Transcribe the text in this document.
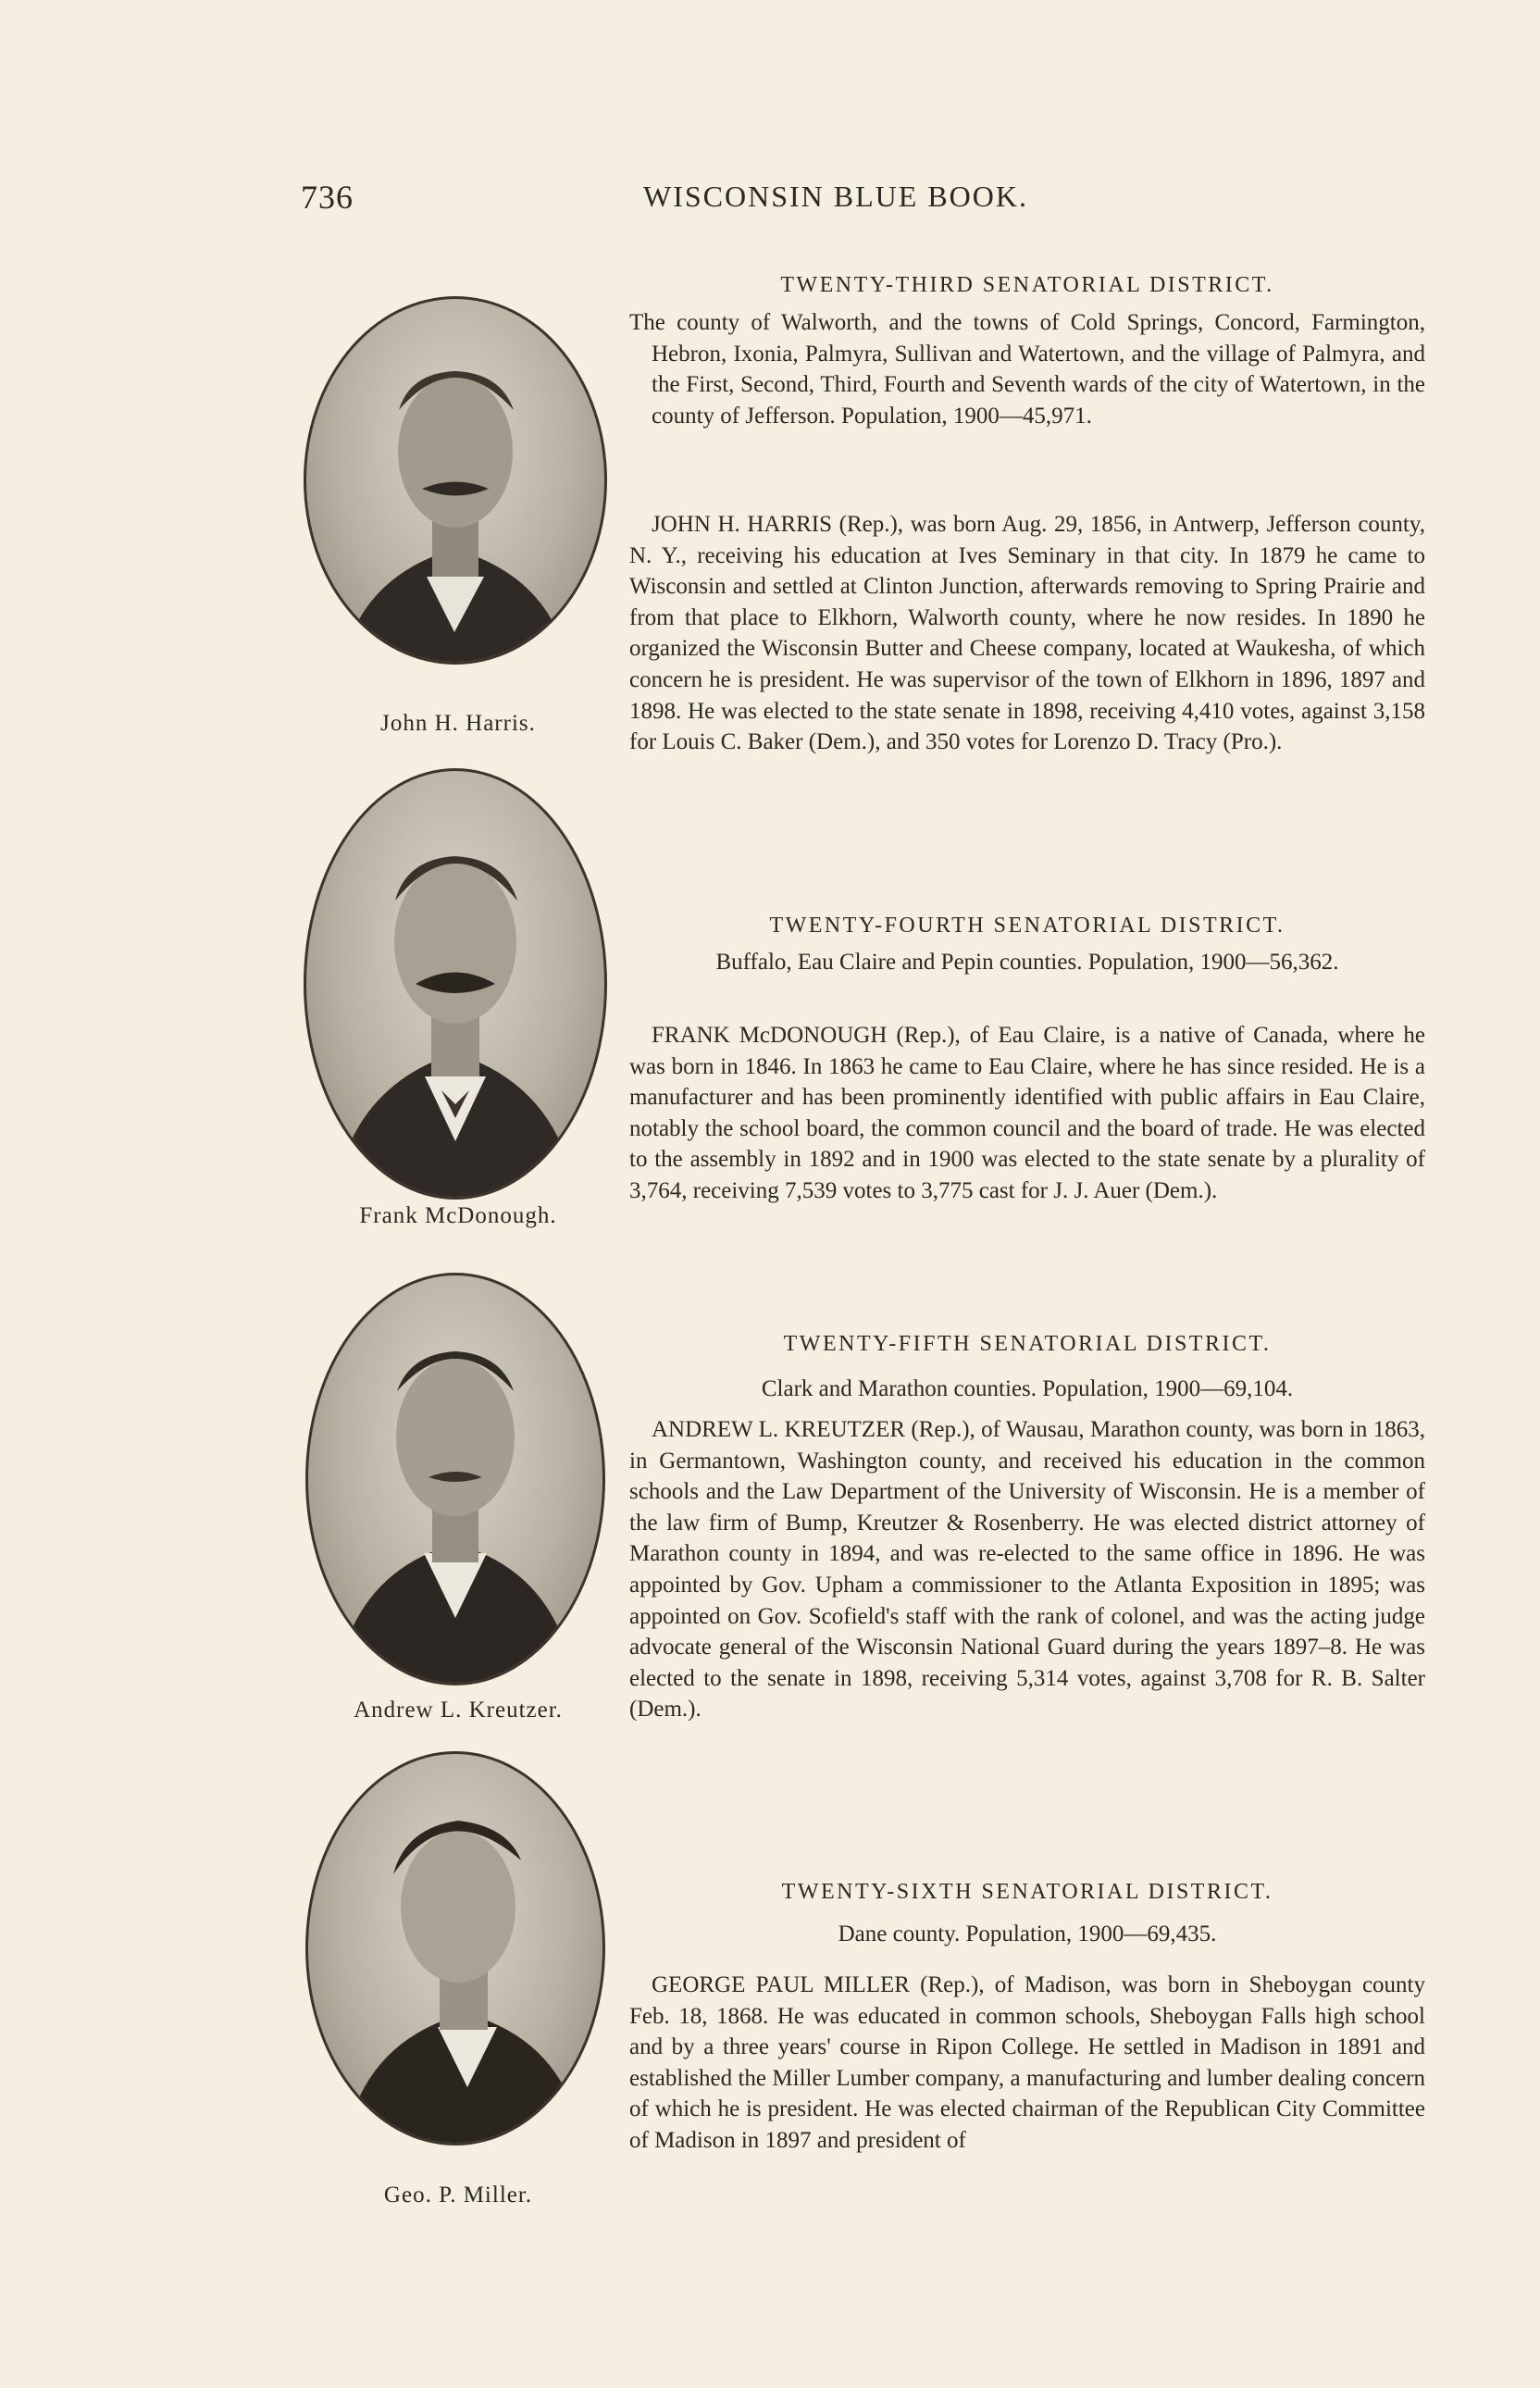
736	WISCONSIN BLUE BOOK.
John H. Harris.
Frank McDonough.
Andrew L. Kreutzer.
Geo. P. Miller.
TWENTY-THIRD SENATORIAL DISTRICT.
The county of Walworth, and the towns of Cold Springs, Concord, Farmington, Hebron, Ixonia, Palmyra, Sullivan and Watertown, and the village of Palmyra, and the First, Second, Third, Fourth and Seventh wards of the city of Watertown, in the county of Jefferson. Population, 1900—45,971.
JOHN H. HARRIS (Rep.), was born Aug. 29, 1856, in Antwerp, Jefferson county, N. Y., receiving his education at Ives Seminary in that city. In 1879 he came to Wisconsin and settled at Clinton Junction, afterwards removing to Spring Prairie and from that place to Elkhorn, Walworth county, where he now resides. In 1890 he organized the Wisconsin Butter and Cheese company, located at Waukesha, of which concern he is president. He was supervisor of the town of Elkhorn in 1896, 1897 and 1898. He was elected to the state senate in 1898, receiving 4,410 votes, against 3,158 for Louis C. Baker (Dem.), and 350 votes for Lorenzo D. Tracy (Pro.).
TWENTY-FOURTH SENATORIAL DISTRICT.
Buffalo, Eau Claire and Pepin counties. Population, 1900—56,362.
FRANK McDONOUGH (Rep.), of Eau Claire, is a native of Canada, where he was born in 1846. In 1863 he came to Eau Claire, where he has since resided. He is a manufacturer and has been prominently identified with public affairs in Eau Claire, notably the school board, the common council and the board of trade. He was elected to the assembly in 1892 and in 1900 was elected to the state senate by a plurality of 3,764, receiving 7,539 votes to 3,775 cast for J. J. Auer (Dem.).
TWENTY-FIFTH SENATORIAL DISTRICT.
Clark and Marathon counties. Population, 1900—69,104.
ANDREW L. KREUTZER (Rep.), of Wausau, Marathon county, was born in 1863, in Germantown, Washington county, and received his education in the common schools and the Law Department of the University of Wisconsin. He is a member of the law firm of Bump, Kreutzer & Rosenberry. He was elected district attorney of Marathon county in 1894, and was re-elected to the same office in 1896. He was appointed by Gov. Upham a commissioner to the Atlanta Exposition in 1895; was appointed on Gov. Scofield's staff with the rank of colonel, and was the acting judge advocate general of the Wisconsin National Guard during the years 1897–8. He was elected to the senate in 1898, receiving 5,314 votes, against 3,708 for R. B. Salter (Dem.).
TWENTY-SIXTH SENATORIAL DISTRICT.
Dane county. Population, 1900—69,435.
GEORGE PAUL MILLER (Rep.), of Madison, was born in Sheboygan county Feb. 18, 1868. He was educated in common schools, Sheboygan Falls high school and by a three years' course in Ripon College. He settled in Madison in 1891 and established the Miller Lumber company, a manufacturing and lumber dealing concern of which he is president. He was elected chairman of the Republican City Committee of Madison in 1897 and president of
